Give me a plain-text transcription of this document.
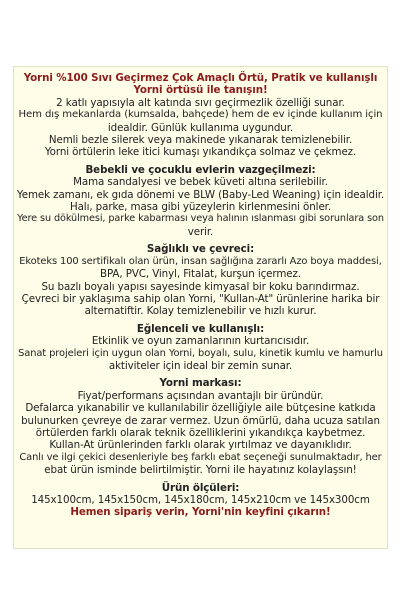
Yorni %100 Sıvı Geçirmez Çok Amaçlı Örtü, Pratik ve kullanışlı

Yorni örtüsü ile tanışın!

2 katlı yapısıyla alt katında sıvı geçirmezlik özelliği sunar.

Hem dış mekanlarda (kumsalda, bahçede) hem de ev içinde kullanım için

idealdir. Günlük kullanıma uygundur.

Nemli bezle silerek veya makinede yıkanarak temizlenebilir.

Yorni örtülerin leke itici kumaşı yıkandıkça solmaz ve çekmez.

Bebekli ve çocuklu evlerin vazgeçilmezi:

Mama sandalyesi ve bebek küveti altına serilebilir.

Yemek zamanı, ek gıda dönemi ve BLW (Baby-Led Weaning) için idealdir.

Halı, parke, masa gibi yüzeylerin kirlenmesini önler.

Yere su dökülmesi, parke kabarması veya halının ıslanması gibi sorunlara son

verir.

Sağlıklı ve çevreci:

Ekoteks 100 sertifikalı olan ürün, insan sağlığına zararlı Azo boya maddesi,

BPA, PVC, Vinyl, Fitalat, kurşun içermez.

Su bazlı boyalı yapısı sayesinde kimyasal bir koku barındırmaz.

Çevreci bir yaklaşıma sahip olan Yorni, "Kullan-At" ürünlerine harika bir

alternatiftir. Kolay temizlenebilir ve hızlı kurur.

Eğlenceli ve kullanışlı:

Etkinlik ve oyun zamanlarının kurtarıcısıdır.

Sanat projeleri için uygun olan Yorni, boyalı, sulu, kinetik kumlu ve hamurlu

aktiviteler için ideal bir zemin sunar.

Yorni markası:

Fiyat/performans açısından avantajlı bir üründür.

Defalarca yıkanabilir ve kullanılabilir özelliğiyle aile bütçesine katkıda

bulunurken çevreye de zarar vermez. Uzun ömürlü, daha ucuza satılan

örtülerden farklı olarak teknik özelliklerini yıkandıkça kaybetmez.

Kullan-At ürünlerinden farklı olarak yırtılmaz ve dayanıklıdır.

Canlı ve ilgi çekici desenleriyle beş farklı ebat seçeneği sunulmaktadır, her

ebat ürün isminde belirtilmiştir. Yorni ile hayatınız kolaylaşsın!

Ürün ölçüleri:

145x100cm, 145x150cm, 145x180cm, 145x210cm ve 145x300cm

Hemen sipariş verin, Yorni'nin keyfini çıkarın!
